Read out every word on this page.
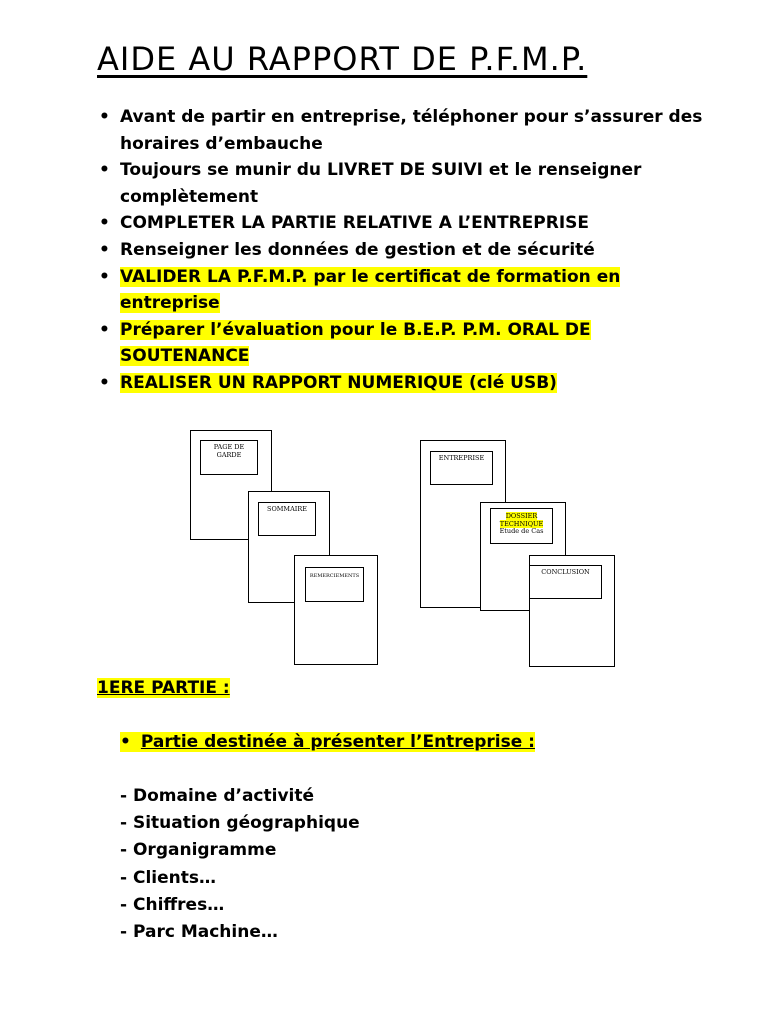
AIDE AU RAPPORT DE P.F.M.P.
• Avant de partir en entreprise, téléphoner pour s’assurer des horaires d’embauche
• Toujours se munir du LIVRET DE SUIVI et le renseigner complètement
• COMPLETER LA PARTIE RELATIVE A L’ENTREPRISE
• Renseigner les données de gestion et de sécurité
• VALIDER LA P.F.M.P. par le certificat de formation en entreprise
• Préparer l’évaluation pour le B.E.P. P.M. ORAL DE SOUTENANCE
• REALISER UN RAPPORT NUMERIQUE (clé USB)
PAGE DE GARDE
SOMMAIRE
REMERCIEMENTS
ENTREPRISE
DOSSIER TECHNIQUE
Etude de Cas
CONCLUSION
1ERE PARTIE :
• Partie destinée à présenter l’Entreprise :
- Domaine d’activité
- Situation géographique
- Organigramme
- Clients…
- Chiffres…
- Parc Machine…
